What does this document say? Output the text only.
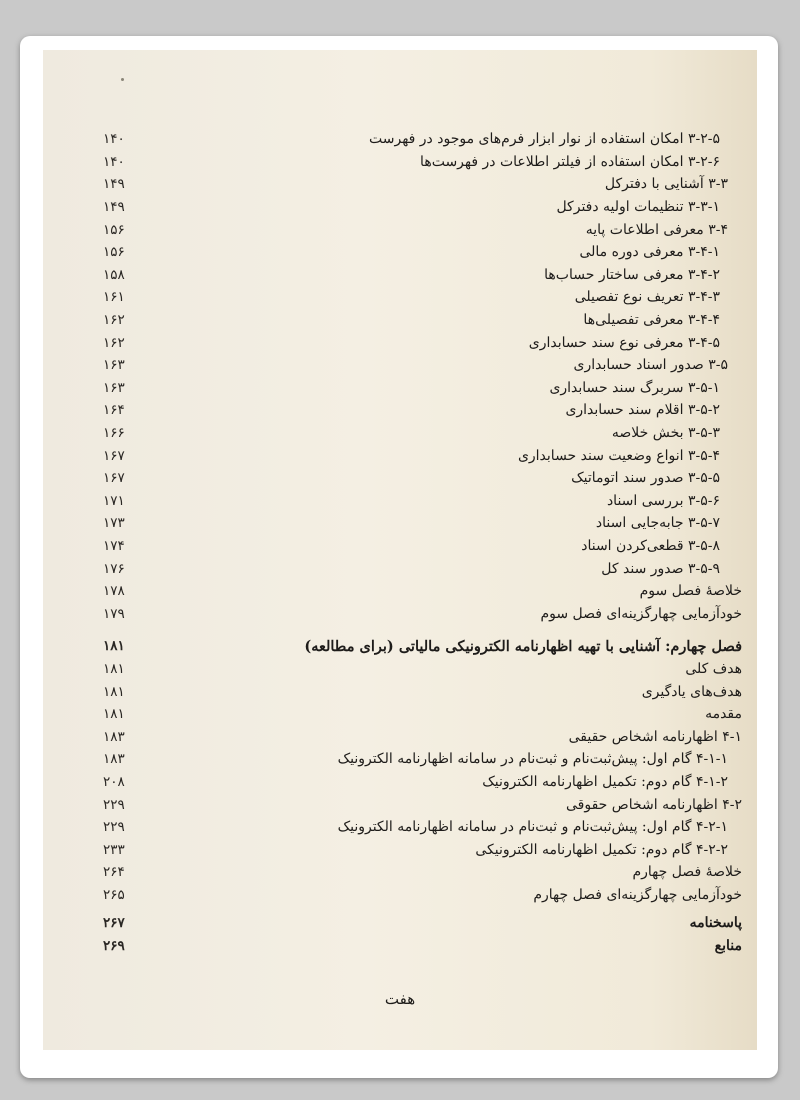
۳-۲-۵ امکان استفاده از نوار ابزار فرم‌های موجود در فهرست
۱۴۰
۳-۲-۶ امکان استفاده از فیلتر اطلاعات در فهرست‌ها
۱۴۰
۳-۳ آشنایی با دفترکل
۱۴۹
۳-۳-۱ تنظیمات اولیه دفترکل
۱۴۹
۳-۴ معرفی اطلاعات پایه
۱۵۶
۳-۴-۱ معرفی دوره مالی
۱۵۶
۳-۴-۲ معرفی ساختار حساب‌ها
۱۵۸
۳-۴-۳ تعریف نوع تفصیلی
۱۶۱
۳-۴-۴ معرفی تفصیلی‌ها
۱۶۲
۳-۴-۵ معرفی نوع سند حسابداری
۱۶۲
۳-۵ صدور اسناد حسابداری
۱۶۳
۳-۵-۱ سربرگ سند حسابداری
۱۶۳
۳-۵-۲ اقلام سند حسابداری
۱۶۴
۳-۵-۳ بخش خلاصه
۱۶۶
۳-۵-۴ انواع وضعیت سند حسابداری
۱۶۷
۳-۵-۵ صدور سند اتوماتیک
۱۶۷
۳-۵-۶ بررسی اسناد
۱۷۱
۳-۵-۷ جابه‌جایی اسناد
۱۷۳
۳-۵-۸ قطعی‌کردن اسناد
۱۷۴
۳-۵-۹ صدور سند کل
۱۷۶
خلاصهٔ فصل سوم
۱۷۸
خودآزمایی چهارگزینه‌ای فصل سوم
۱۷۹
فصل چهارم: آشنایی با تهیه اظهارنامه الکترونیکی مالیاتی (برای مطالعه)
۱۸۱
هدف کلی
۱۸۱
هدف‌های یادگیری
۱۸۱
مقدمه
۱۸۱
۴-۱ اظهارنامه اشخاص حقیقی
۱۸۳
۴-۱-۱ گام اول: پیش‌ثبت‌نام و ثبت‌نام در سامانه اظهارنامه الکترونیک
۱۸۳
۴-۱-۲ گام دوم: تکمیل اظهارنامه الکترونیک
۲۰۸
۴-۲ اظهارنامه اشخاص حقوقی
۲۲۹
۴-۲-۱ گام اول: پیش‌ثبت‌نام و ثبت‌نام در سامانه اظهارنامه الکترونیک
۲۲۹
۴-۲-۲ گام دوم: تکمیل اظهارنامه الکترونیکی
۲۳۳
خلاصهٔ فصل چهارم
۲۶۴
خودآزمایی چهارگزینه‌ای فصل چهارم
۲۶۵
پاسخنامه
۲۶۷
منابع
۲۶۹
هفت
